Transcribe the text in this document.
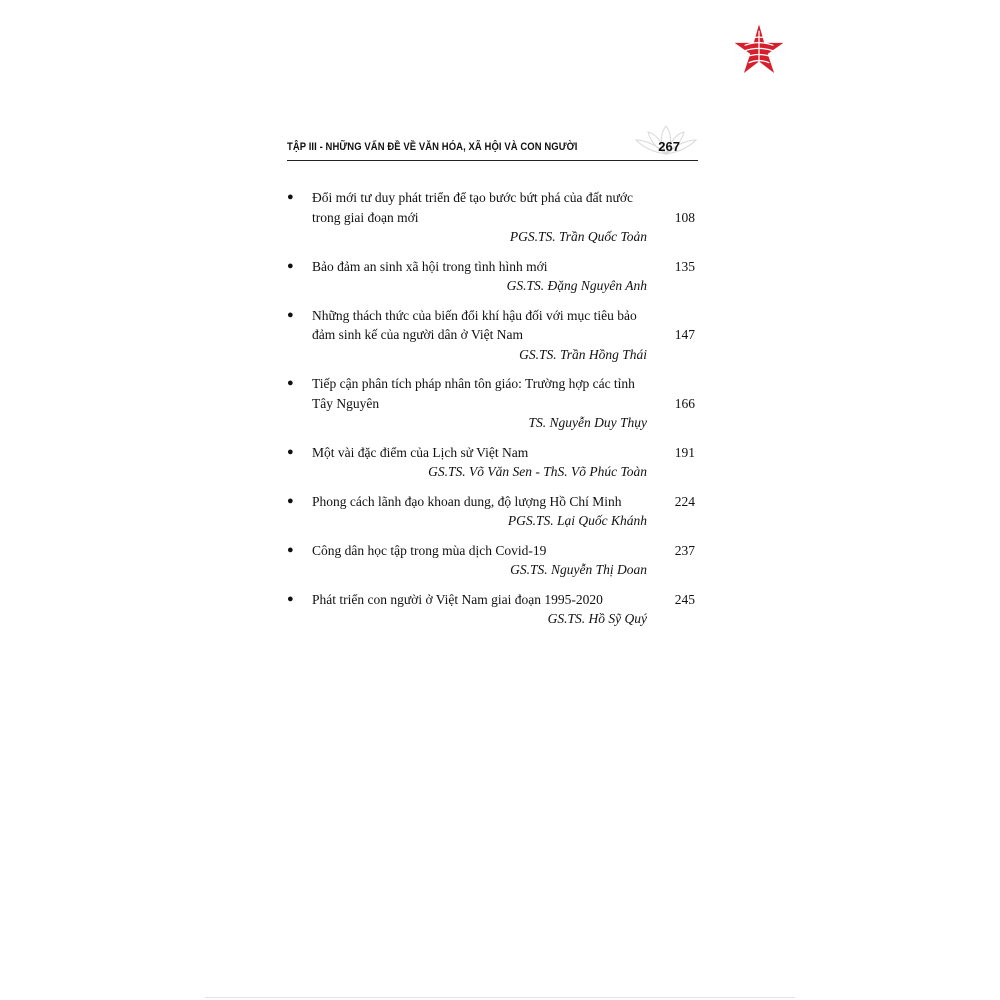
TẬP III - NHỮNG VẤN ĐỀ VỀ VĂN HÓA, XÃ HỘI VÀ CON NGƯỜI	267
● Đổi mới tư duy phát triển để tạo bước bứt phá của đất nước trong giai đoạn mới	108
PGS.TS. Trần Quốc Toản
● Bảo đảm an sinh xã hội trong tình hình mới	135
GS.TS. Đặng Nguyên Anh
● Những thách thức của biến đổi khí hậu đối với mục tiêu bảo đảm sinh kế của người dân ở Việt Nam	147
GS.TS. Trần Hồng Thái
● Tiếp cận phân tích pháp nhân tôn giáo: Trường hợp các tỉnh Tây Nguyên	166
TS. Nguyễn Duy Thụy
● Một vài đặc điểm của Lịch sử Việt Nam	191
GS.TS. Võ Văn Sen - ThS. Võ Phúc Toàn
● Phong cách lãnh đạo khoan dung, độ lượng Hồ Chí Minh	224
PGS.TS. Lại Quốc Khánh
● Công dân học tập trong mùa dịch Covid-19	237
GS.TS. Nguyễn Thị Doan
● Phát triển con người ở Việt Nam giai đoạn 1995-2020	245
GS.TS. Hồ Sỹ Quý
